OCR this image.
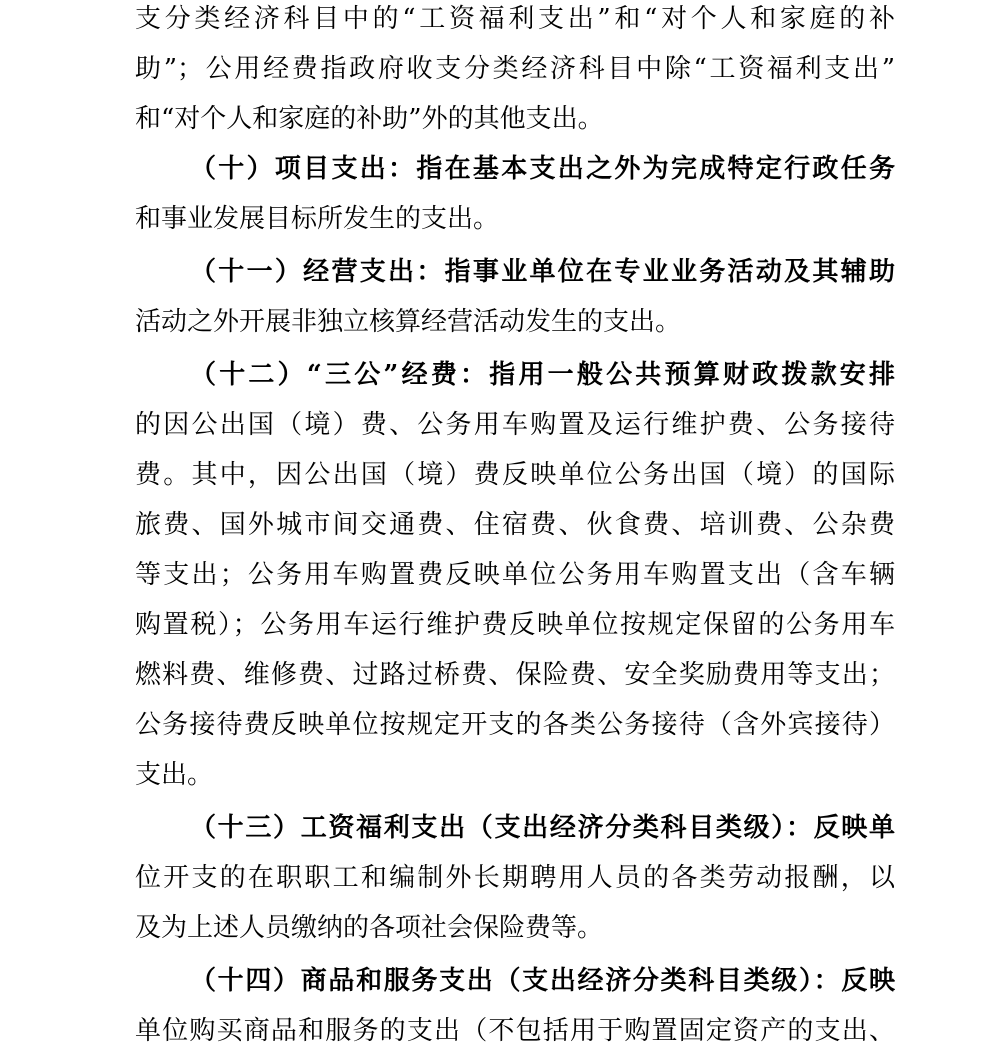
支分类经济科目中的“工资福利支出”和“对个人和家庭的补
助”；公用经费指政府收支分类经济科目中除“工资福利支出”
和“对个人和家庭的补助”外的其他支出。
（十）项目支出：指在基本支出之外为完成特定行政任务
和事业发展目标所发生的支出。
（十一）经营支出：指事业单位在专业业务活动及其辅助
活动之外开展非独立核算经营活动发生的支出。
（十二）“三公”经费：指用一般公共预算财政拨款安排
的因公出国（境）费、公务用车购置及运行维护费、公务接待
费。其中，因公出国（境）费反映单位公务出国（境）的国际
旅费、国外城市间交通费、住宿费、伙食费、培训费、公杂费
等支出；公务用车购置费反映单位公务用车购置支出（含车辆
购置税）；公务用车运行维护费反映单位按规定保留的公务用车
燃料费、维修费、过路过桥费、保险费、安全奖励费用等支出；
公务接待费反映单位按规定开支的各类公务接待（含外宾接待）
支出。
（十三）工资福利支出（支出经济分类科目类级）：反映单
位开支的在职职工和编制外长期聘用人员的各类劳动报酬，以
及为上述人员缴纳的各项社会保险费等。
（十四）商品和服务支出（支出经济分类科目类级）：反映
单位购买商品和服务的支出（不包括用于购置固定资产的支出、
